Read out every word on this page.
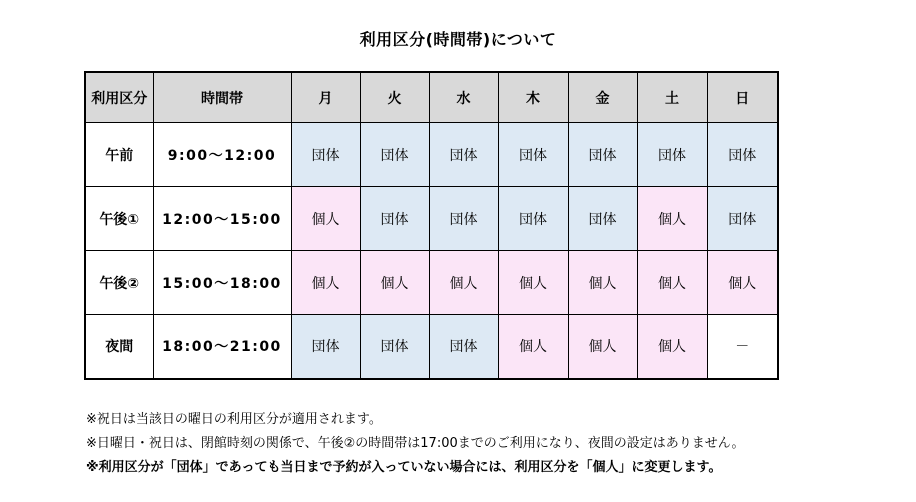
利用区分(時間帯)について
利用区分	時間帯	月	火	水	木	金	土	日
午前	9:00～12:00	団体	団体	団体	団体	団体	団体	団体
午後①	12:00～15:00	個人	団体	団体	団体	団体	個人	団体
午後②	15:00～18:00	個人	個人	個人	個人	個人	個人	個人
夜間	18:00～21:00	団体	団体	団体	個人	個人	個人	－
※祝日は当該日の曜日の利用区分が適用されます。
※日曜日・祝日は、閉館時刻の関係で、午後②の時間帯は17:00までのご利用になり、夜間の設定はありません。
※利用区分が「団体」であっても当日まで予約が入っていない場合には、利用区分を「個人」に変更します。
